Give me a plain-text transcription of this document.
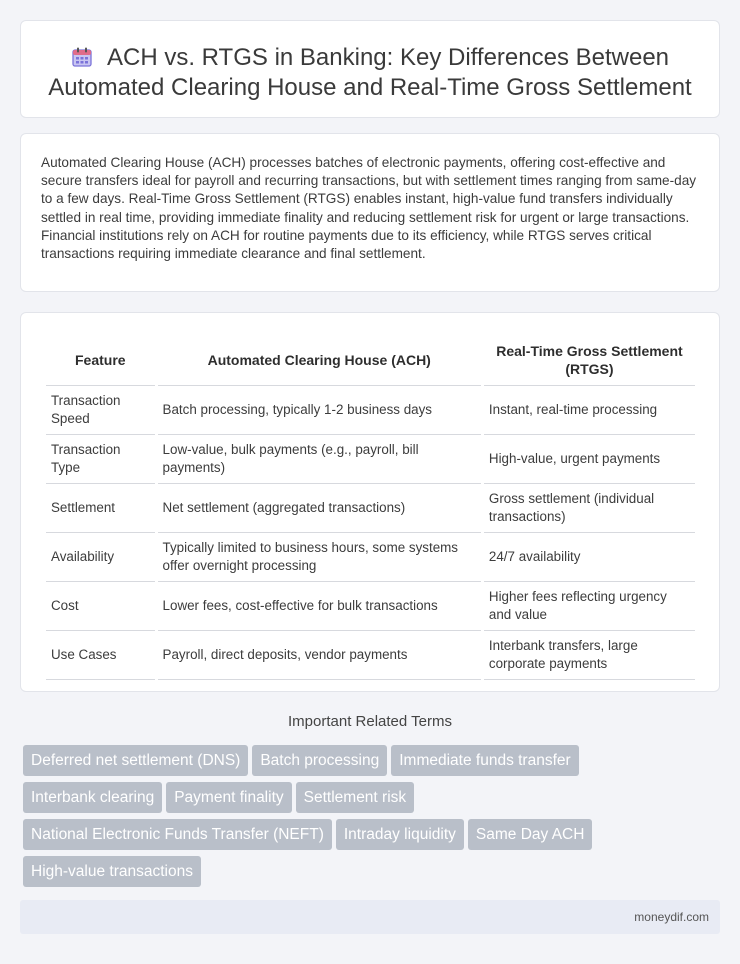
ACH vs. RTGS in Banking: Key Differences Between
Automated Clearing House and Real-Time Gross Settlement

Automated Clearing House (ACH) processes batches of electronic payments, offering cost-effective and secure transfers ideal for payroll and recurring transactions, but with settlement times ranging from same-day to a few days. Real-Time Gross Settlement (RTGS) enables instant, high-value fund transfers individually settled in real time, providing immediate finality and reducing settlement risk for urgent or large transactions. Financial institutions rely on ACH for routine payments due to its efficiency, while RTGS serves critical transactions requiring immediate clearance and final settlement.

Feature	Automated Clearing House (ACH)	Real-Time Gross Settlement (RTGS)
Transaction Speed	Batch processing, typically 1-2 business days	Instant, real-time processing
Transaction Type	Low-value, bulk payments (e.g., payroll, bill payments)	High-value, urgent payments
Settlement	Net settlement (aggregated transactions)	Gross settlement (individual transactions)
Availability	Typically limited to business hours, some systems offer overnight processing	24/7 availability
Cost	Lower fees, cost-effective for bulk transactions	Higher fees reflecting urgency and value
Use Cases	Payroll, direct deposits, vendor payments	Interbank transfers, large corporate payments
Important Related Terms
Deferred net settlement (DNS) Batch processing Immediate funds transfer
Interbank clearing Payment finality Settlement risk
National Electronic Funds Transfer (NEFT) Intraday liquidity Same Day ACH
High-value transactions
moneydif.com
